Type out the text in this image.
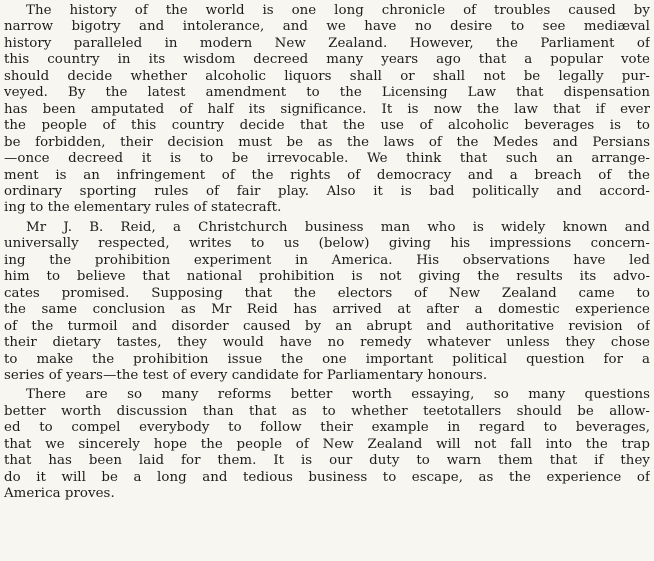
The history of the world is one long chronicle of troubles caused by
narrow bigotry and intolerance, and we have no desire to see mediæval
history paralleled in modern New Zealand. However, the Parliament of
this country in its wisdom decreed many years ago that a popular vote
should decide whether alcoholic liquors shall or shall not be legally pur-
veyed. By the latest amendment to the Licensing Law that dispensation
has been amputated of half its significance. It is now the law that if ever
the people of this country decide that the use of alcoholic beverages is to
be forbidden, their decision must be as the laws of the Medes and Persians
—once decreed it is to be irrevocable. We think that such an arrange-
ment is an infringement of the rights of democracy and a breach of the
ordinary sporting rules of fair play. Also it is bad politically and accord-
ing to the elementary rules of statecraft.

Mr J. B. Reid, a Christchurch business man who is widely known and
universally respected, writes to us (below) giving his impressions concern-
ing the prohibition experiment in America. His observations have led
him to believe that national prohibition is not giving the results its advo-
cates promised. Supposing that the electors of New Zealand came to
the same conclusion as Mr Reid has arrived at after a domestic experience
of the turmoil and disorder caused by an abrupt and authoritative revision of
their dietary tastes, they would have no remedy whatever unless they chose
to make the prohibition issue the one important political question for a
series of years—the test of every candidate for Parliamentary honours.

There are so many reforms better worth essaying, so many questions
better worth discussion than that as to whether teetotallers should be allow-
ed to compel everybody to follow their example in regard to beverages,
that we sincerely hope the people of New Zealand will not fall into the trap
that has been laid for them. It is our duty to warn them that if they
do it will be a long and tedious business to escape, as the experience of
America proves.
